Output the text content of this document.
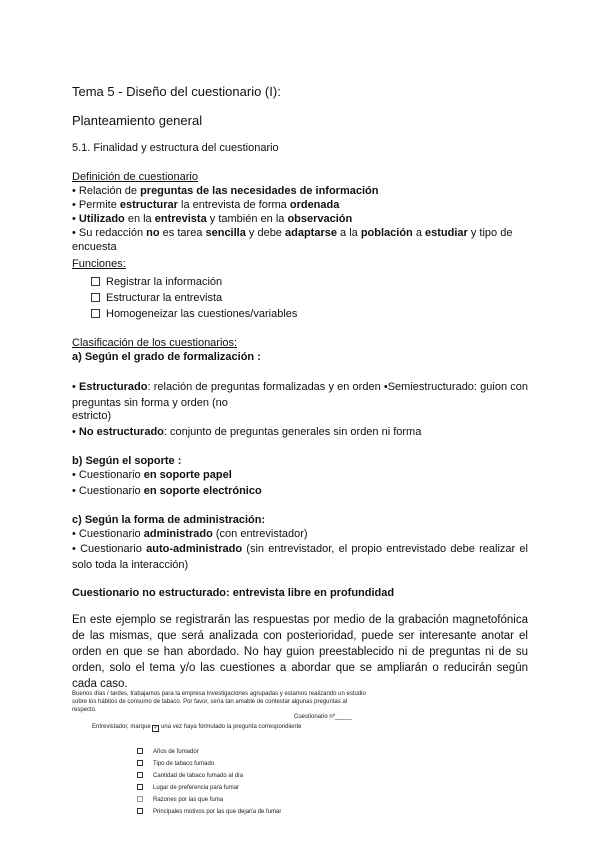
Tema 5 - Diseño del cuestionario (I):
Planteamiento general
5.1. Finalidad y estructura del cuestionario
Definición de cuestionario
• Relación de preguntas de las necesidades de información
• Permite estructurar la entrevista de forma ordenada
• Utilizado en la entrevista y también en la observación
• Su redacción no es tarea sencilla y debe adaptarse a la población a estudiar y tipo de encuesta
Funciones:
Registrar la información
Estructurar la entrevista
Homogeneizar las cuestiones/variables
Clasificación de los cuestionarios:
a) Según el grado de formalización :
• Estructurado: relación de preguntas formalizadas y en orden •Semiestructurado: guion con preguntas sin forma y orden (no
estricto)
• No estructurado: conjunto de preguntas generales sin orden ni forma
b) Según el soporte :
• Cuestionario en soporte papel
• Cuestionario en soporte electrónico
c) Según la forma de administración:
• Cuestionario administrado (con entrevistador)
• Cuestionario auto-administrado (sin entrevistador, el propio entrevistado debe realizar el solo toda la interacción)
Cuestionario no estructurado: entrevista libre en profundidad
En este ejemplo se registrarán las respuestas por medio de la grabación magnetofónica de las mismas, que será analizada con posterioridad, puede ser interesante anotar el orden en que se han abordado. No hay guion preestablecido ni de preguntas ni de su orden, solo el tema y/o las cuestiones a abordar que se ampliarán o reducirán según cada caso.
Buenos días / tardes, trabajamos para la empresa Investigaciones agrupadas y estamos realizando un estudio sobre los hábitos de consumo de tabaco. Por favor, sería tan amable de contestar algunas preguntas al respecto.
Cuestionario nº_____
Entrevistador, marque ✓ una vez haya formulado la pregunta correspondiente
Años de fumador
Tipo de tabaco fumado
Cantidad de tabaco fumado al día
Lugar de preferencia para fumar
Razones por las que fuma
Principales motivos por las que dejaría de fumar
